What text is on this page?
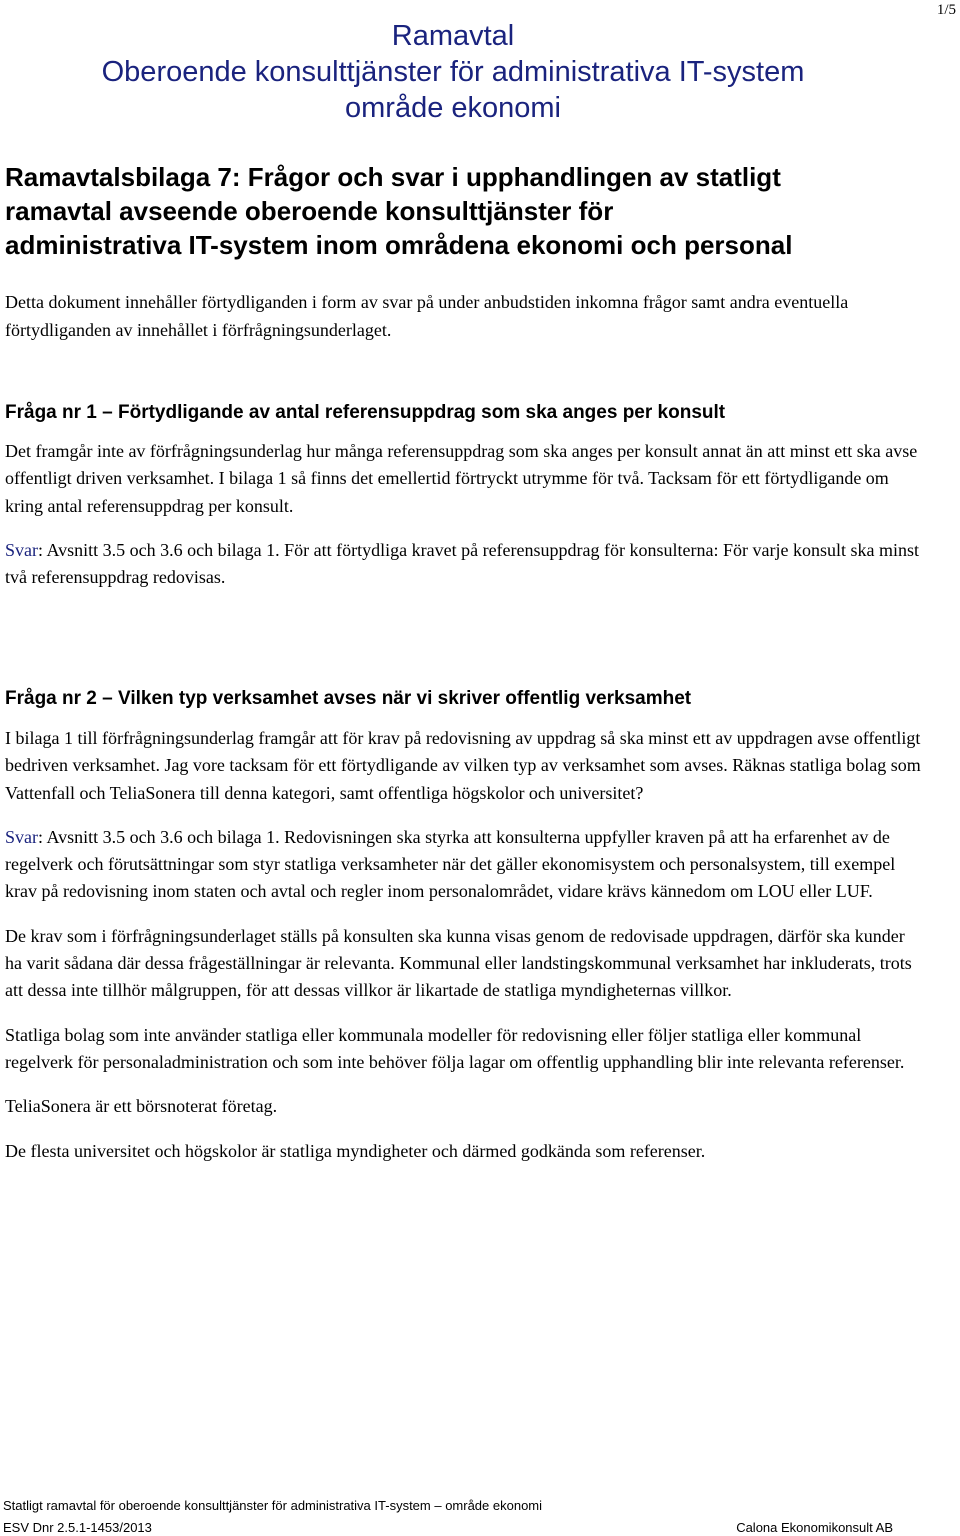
1/5
Ramavtal
Oberoende konsulttjänster för administrativa IT-system
område ekonomi
Ramavtalsbilaga 7: Frågor och svar i upphandlingen av statligt
ramavtal avseende oberoende konsulttjänster för
administrativa IT-system inom områdena ekonomi och personal

Detta dokument innehåller förtydliganden i form av svar på under anbudstiden inkomna frågor samt andra eventuella förtydliganden av innehållet i förfrågningsunderlaget.

Fråga nr 1 – Förtydligande av antal referensuppdrag som ska anges per konsult

Det framgår inte av förfrågningsunderlag hur många referensuppdrag som ska anges per konsult annat än att minst ett ska avse offentligt driven verksamhet. I bilaga 1 så finns det emellertid förtryckt utrymme för två. Tacksam för ett förtydligande om kring antal referensuppdrag per konsult.

Svar: Avsnitt 3.5 och 3.6 och bilaga 1. För att förtydliga kravet på referensuppdrag för konsulterna: För varje konsult ska minst två referensuppdrag redovisas.

Fråga nr 2 – Vilken typ verksamhet avses när vi skriver offentlig verksamhet

I bilaga 1 till förfrågningsunderlag framgår att för krav på redovisning av uppdrag så ska minst ett av uppdragen avse offentligt bedriven verksamhet. Jag vore tacksam för ett förtydligande av vilken typ av verksamhet som avses. Räknas statliga bolag som Vattenfall och TeliaSonera till denna kategori, samt offentliga högskolor och universitet?

Svar: Avsnitt 3.5 och 3.6 och bilaga 1. Redovisningen ska styrka att konsulterna uppfyller kraven på att ha erfarenhet av de regelverk och förutsättningar som styr statliga verksamheter när det gäller ekonomisystem och personalsystem, till exempel krav på redovisning inom staten och avtal och regler inom personalområdet, vidare krävs kännedom om LOU eller LUF.

De krav som i förfrågningsunderlaget ställs på konsulten ska kunna visas genom de redovisade uppdragen, därför ska kunder ha varit sådana där dessa frågeställningar är relevanta. Kommunal eller landstingskommunal verksamhet har inkluderats, trots att dessa inte tillhör målgruppen, för att dessas villkor är likartade de statliga myndigheternas villkor.

Statliga bolag som inte använder statliga eller kommunala modeller för redovisning eller följer statliga eller kommunal regelverk för personaladministration och som inte behöver följa lagar om offentlig upphandling blir inte relevanta referenser.

TeliaSonera är ett börsnoterat företag.

De flesta universitet och högskolor är statliga myndigheter och därmed godkända som referenser.

Statligt ramavtal för oberoende konsulttjänster för administrativa IT-system – område ekonomi
ESV Dnr 2.5.1-1453/2013	Calona Ekonomikonsult AB
